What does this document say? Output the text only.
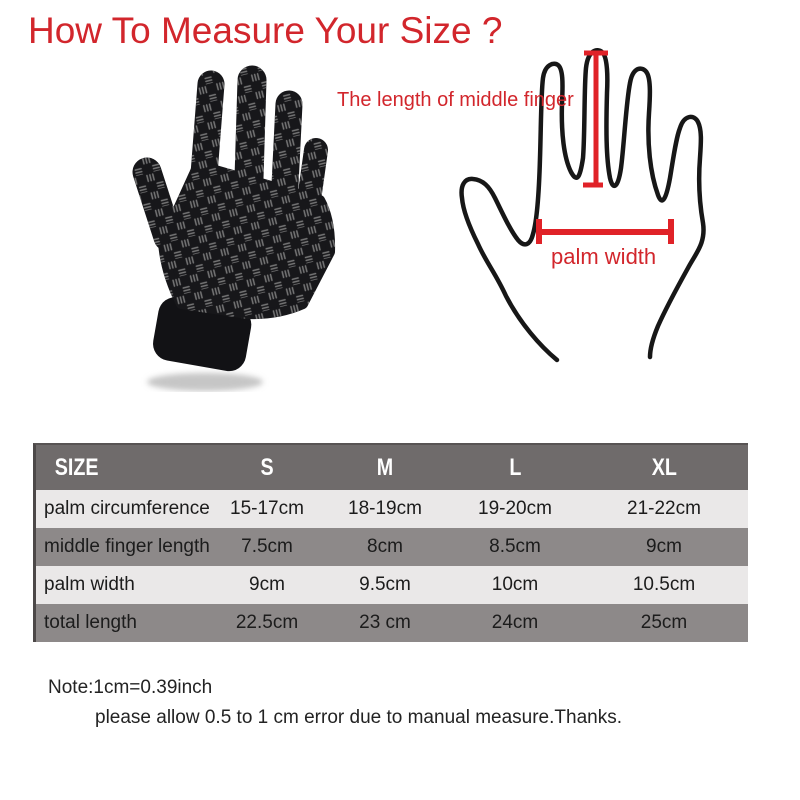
How To Measure Your Size ?
The length of middle finger
palm width
SIZE	S	M	L	XL
palm circumference	15-17cm	18-19cm	19-20cm	21-22cm
middle finger length	7.5cm	8cm	8.5cm	9cm
palm width	9cm	9.5cm	10cm	10.5cm
total length	22.5cm	23 cm	24cm	25cm
Note:1cm=0.39inch
please allow 0.5 to 1 cm error due to manual measure.Thanks.
